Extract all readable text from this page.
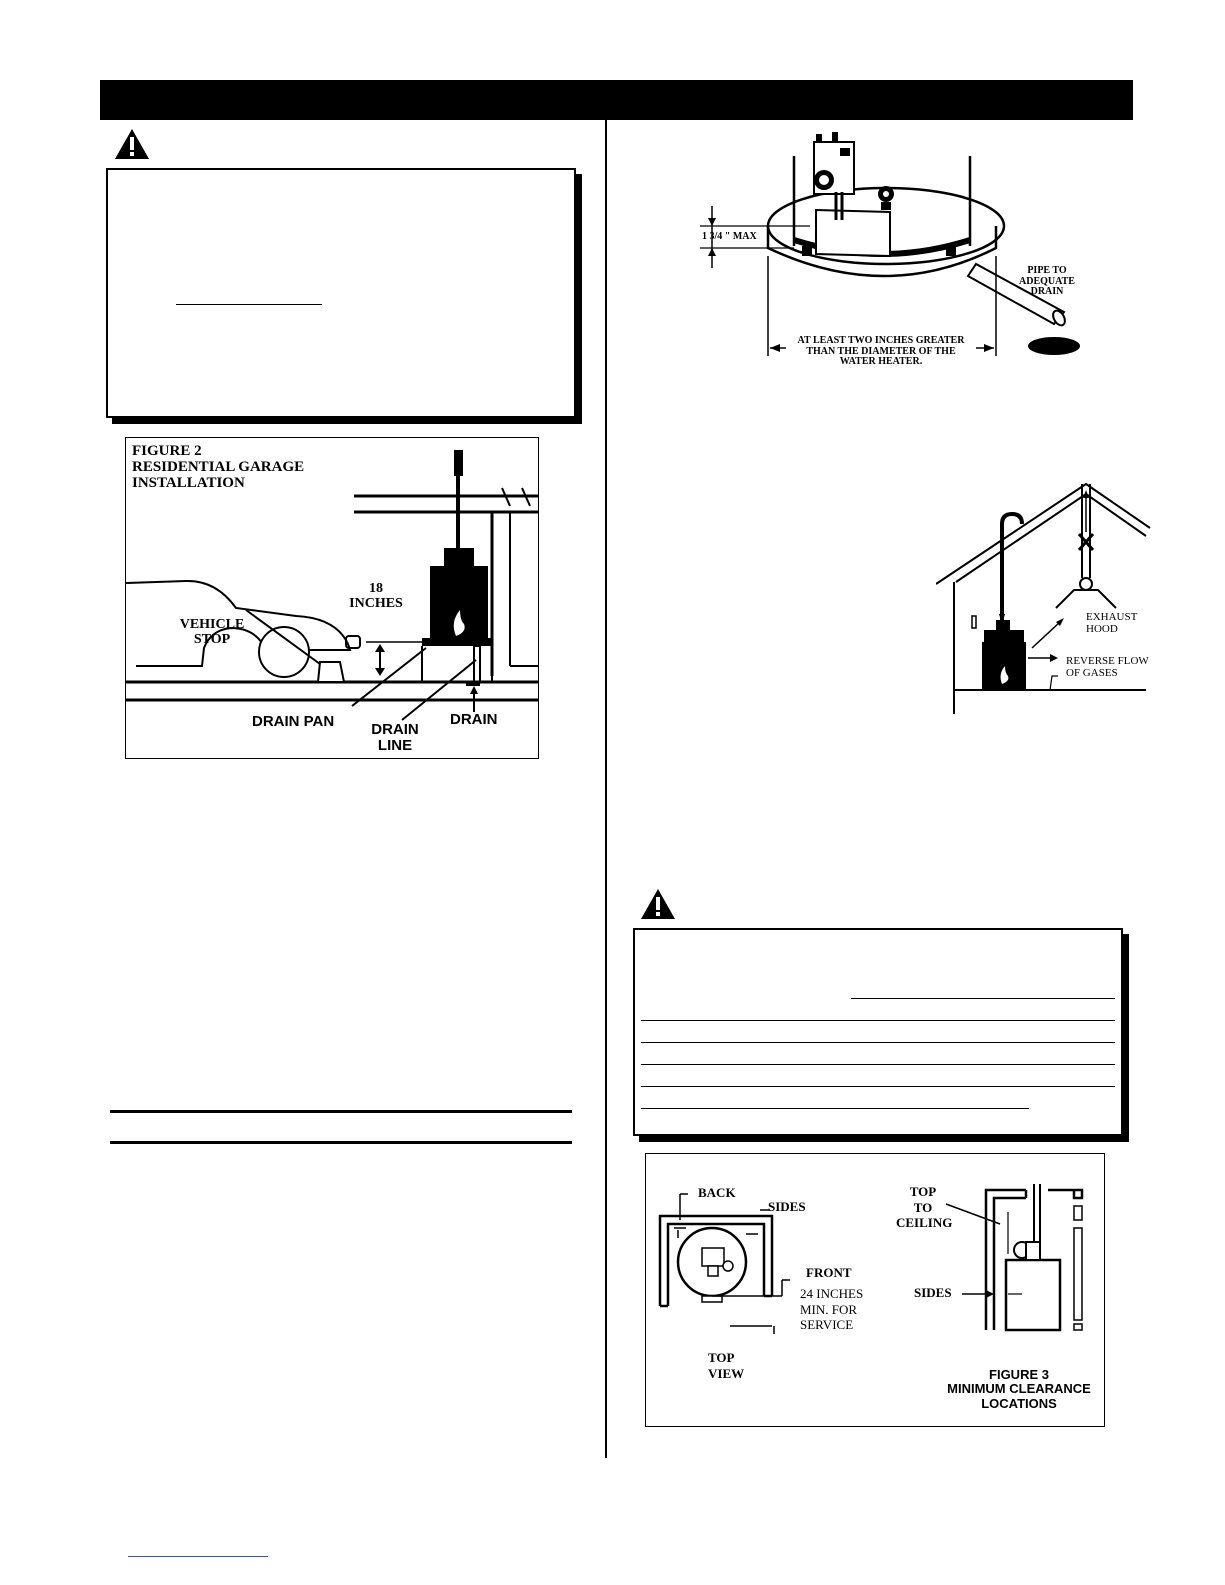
FIGURE 2
RESIDENTIAL GARAGE
INSTALLATION
18
INCHES
VEHICLE
STOP
DRAIN PAN DRAIN
LINE
DRAIN
1 3/4 " MAX
PIPE TO
ADEQUATE
DRAIN
AT LEAST TWO INCHES GREATER
THAN THE DIAMETER OF THE
WATER HEATER.
EXHAUST
HOOD
REVERSE FLOW
OF GASES
BACK
SIDES
FRONT
24 INCHES
MIN. FOR
SERVICE
TOP
VIEW
TOP
TO
CEILING
SIDES
FIGURE 3
MINIMUM CLEARANCE
LOCATIONS
